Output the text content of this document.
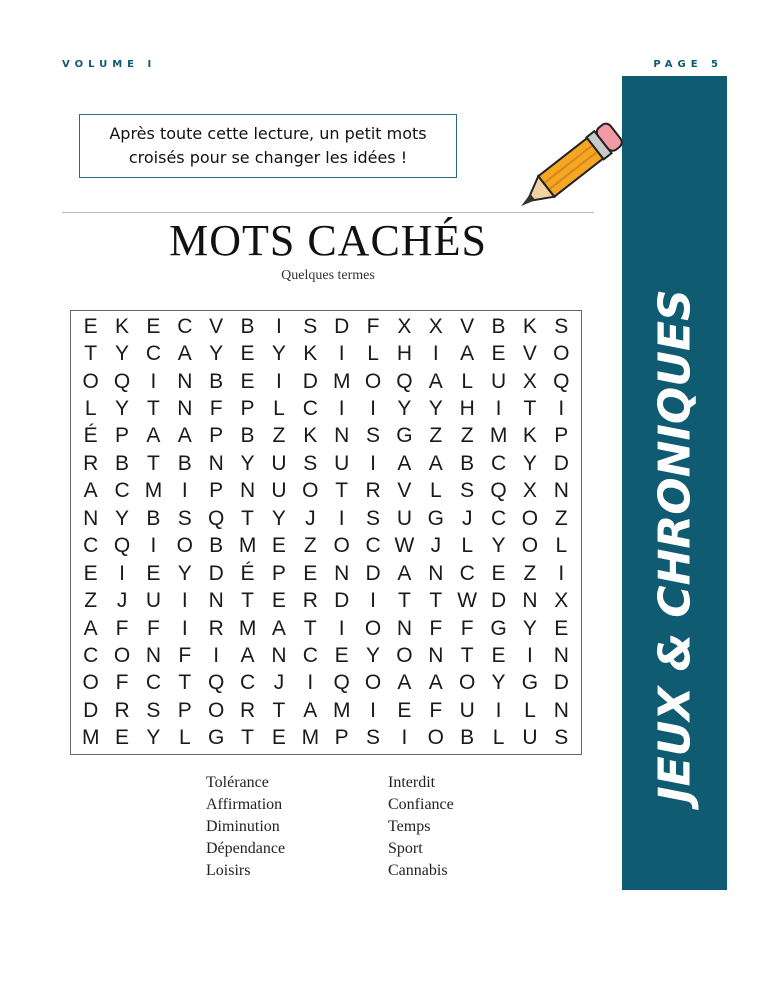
VOLUME I	PAGE 5
JEUX & CHRONIQUES
Après toute cette lecture, un petit mots
croisés pour se changer les idées !
MOTS CACHÉS
Quelques termes
E K E C V B	I	S D F X X V B K S
T Y C A Y E Y K	I	L H I	A E V O
O Q I N B E	I D M O Q A L U X Q
L Y T N F P L C I	I	Y Y H I	T	I
É P A A P B Z K N S G Z Z M K P
R B T B N Y U S U I	A A B C Y D
A C M I	P N U O T R V L S Q X N
N Y B S Q T Y J	I	S U G J C O Z
C Q I O B M E Z O C W J L Y O L
E	I	E Y D É P E N D A N C E Z	I
Z J U I N T E R D I	T T W D N X
A F F	I R M A T	I O N F F G Y E
C O N F	I	A N C E Y O N T E	I N
O F C T Q C J	I Q O A A O Y G D
D R S P O R T A M I	E F U I	L N
M E Y L G T E M P S	I O B L U S
Tolérance	Interdit
Affirmation	Confiance
Diminution	Temps
Dépendance	Sport
Loisirs	Cannabis
